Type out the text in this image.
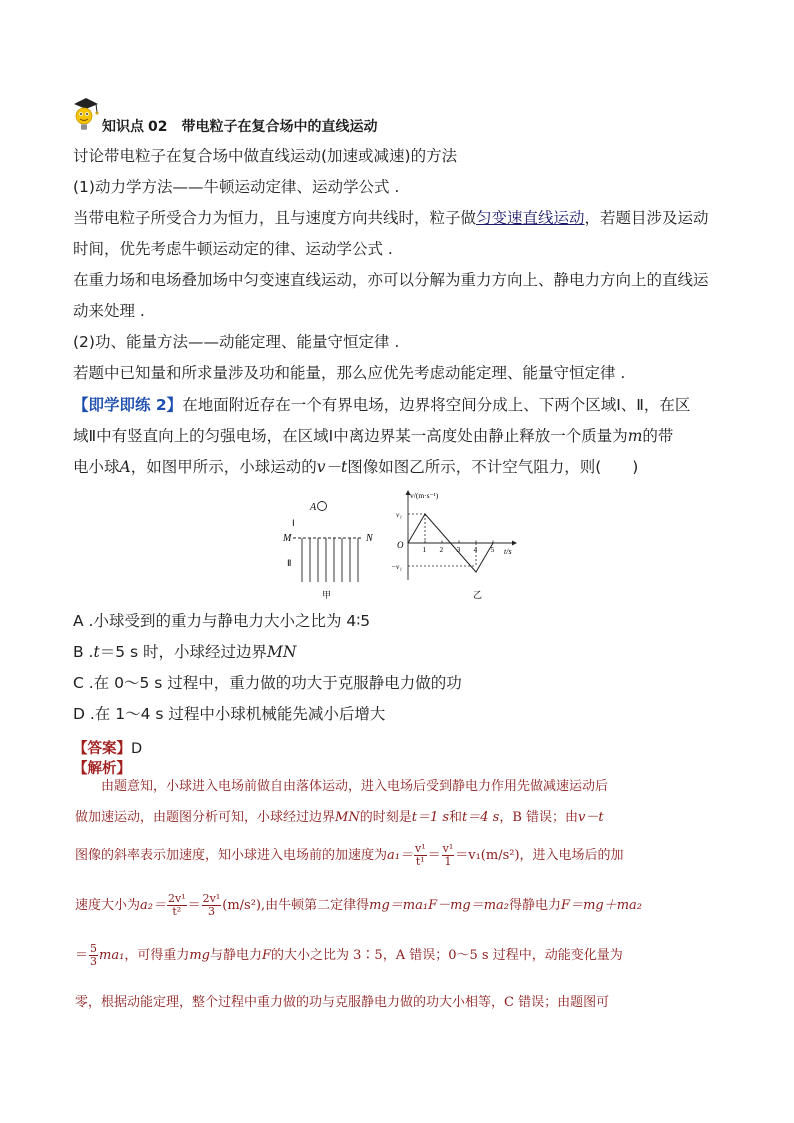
知识点 02 带电粒子在复合场中的直线运动
讨论带电粒子在复合场中做直线运动(加速或减速)的方法
(1)动力学方法——牛顿运动定律、运动学公式 .
当带电粒子所受合力为恒力，且与速度方向共线时，粒子做匀变速直线运动，若题目涉及运动
时间，优先考虑牛顿运动定的律、运动学公式 .
在重力场和电场叠加场中匀变速直线运动，亦可以分解为重力方向上、静电力方向上的直线运
动来处理 .
(2)功、能量方法——动能定理、能量守恒定律 .
若题中已知量和所求量涉及功和能量，那么应优先考虑动能定理、能量守恒定律 .
【即学即练 2】在地面附近存在一个有界电场，边界将空间分成上、下两个区域Ⅰ、Ⅱ，在区
域Ⅱ中有竖直向上的匀强电场，在区域Ⅰ中离边界某一高度处由静止释放一个质量为m的带
电小球A，如图甲所示，小球运动的v－t图像如图乙所示，不计空气阻力，则(　　)
A
Ⅰ
M	N
Ⅱ
甲
v/(m·s⁻¹)
t/s
O
v₁
−v₁
1 2 3 4 5
乙
A .小球受到的重力与静电力大小之比为 4∶5
B .t＝5 s 时，小球经过边界MN
C .在 0～5 s 过程中，重力做的功大于克服静电力做的功
D .在 1～4 s 过程中小球机械能先减小后增大
【答案】D
【解析】
由题意知，小球进入电场前做自由落体运动，进入电场后受到静电力作用先做减速运动后
做加速运动，由题图分析可知，小球经过边界MN的时刻是t＝1 s和t＝4 s，B 错误；由v－t
图像的斜率表示加速度，知小球进入电场前的加速度为$a_1= \frac{\text{v¹}}{\text{t¹}} = \frac{\text{v¹}}{1} =v_1(m/s^2)$，进入电场后的加
速度大小为$a_2= \frac{\text{2v¹}}{\text{t²}} = \frac{\text{2v¹}}{3} (m/s^2)$,由牛顿第二定律得mg＝ma₁F－mg＝ma₂得静电力F＝mg＋ma₂
＝ $\frac{5}{3} ma_1$，可得重力mg与静电力F的大小之比为 3∶5，A 错误；0～5 s 过程中，动能变化量为
零，根据动能定理，整个过程中重力做的功与克服静电力做的功大小相等，C 错误；由题图可
